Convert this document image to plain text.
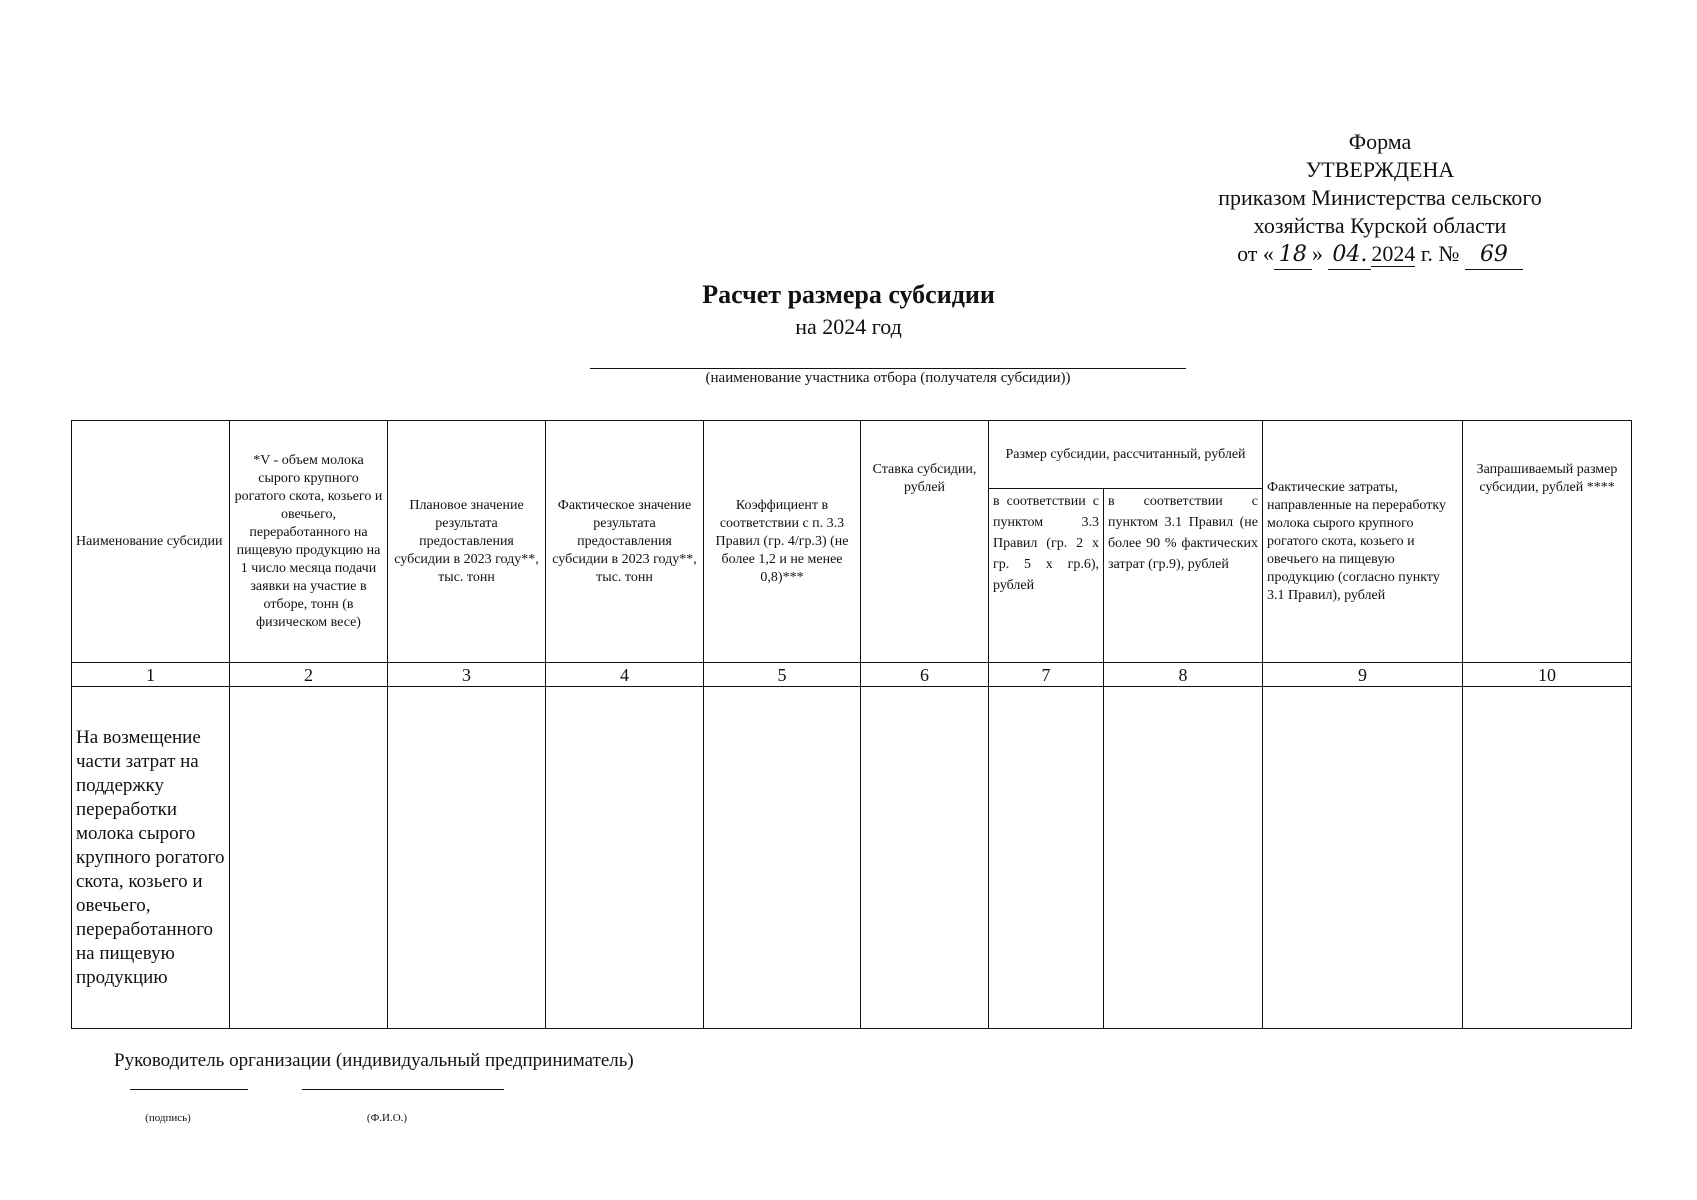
Форма
УТВЕРЖДЕНА
приказом Министерства сельского
хозяйства Курской области
от « 18 » 04. 2024 г. № 69
Расчет размера субсидии
на 2024 год
(наименование участника отбора (получателя субсидии))
Наименование субсидии	*V - объем молока сырого крупного рогатого скота, козьего и овечьего, переработанного на пищевую продукцию на 1 число месяца подачи заявки на участие в отборе, тонн (в физическом весе)	Плановое значение результата предоставления субсидии в 2023 году**, тыс. тонн	Фактическое значение результата предоставления субсидии в 2023 году**, тыс. тонн	Коэффициент в соответствии с п. 3.3 Правил (гр. 4/гр.3) (не более 1,2 и не менее 0,8)***	Ставка субсидии, рублей	Размер субсидии, рассчитанный, рублей		Фактические затраты, направленные на переработку молока сырого крупного рогатого скота, козьего и овечьего на пищевую продукцию (согласно пункту 3.1 Правил), рублей	Запрашиваемый размер субсидии, рублей ****
						в соответствии с пунктом 3.3 Правил (гр. 2 х гр. 5 х гр.6), рублей	в соответствии с пунктом 3.1 Правил (не более 90 % фактических затрат (гр.9), рублей		
1	2	3	4	5	6	7	8	9	10
На возмещение части затрат на поддержку переработки молока сырого крупного рогатого скота, козьего и овечьего, переработанного на пищевую продукцию									
Руководитель организации (индивидуальный предприниматель)
(подпись)	(Ф.И.О.)
